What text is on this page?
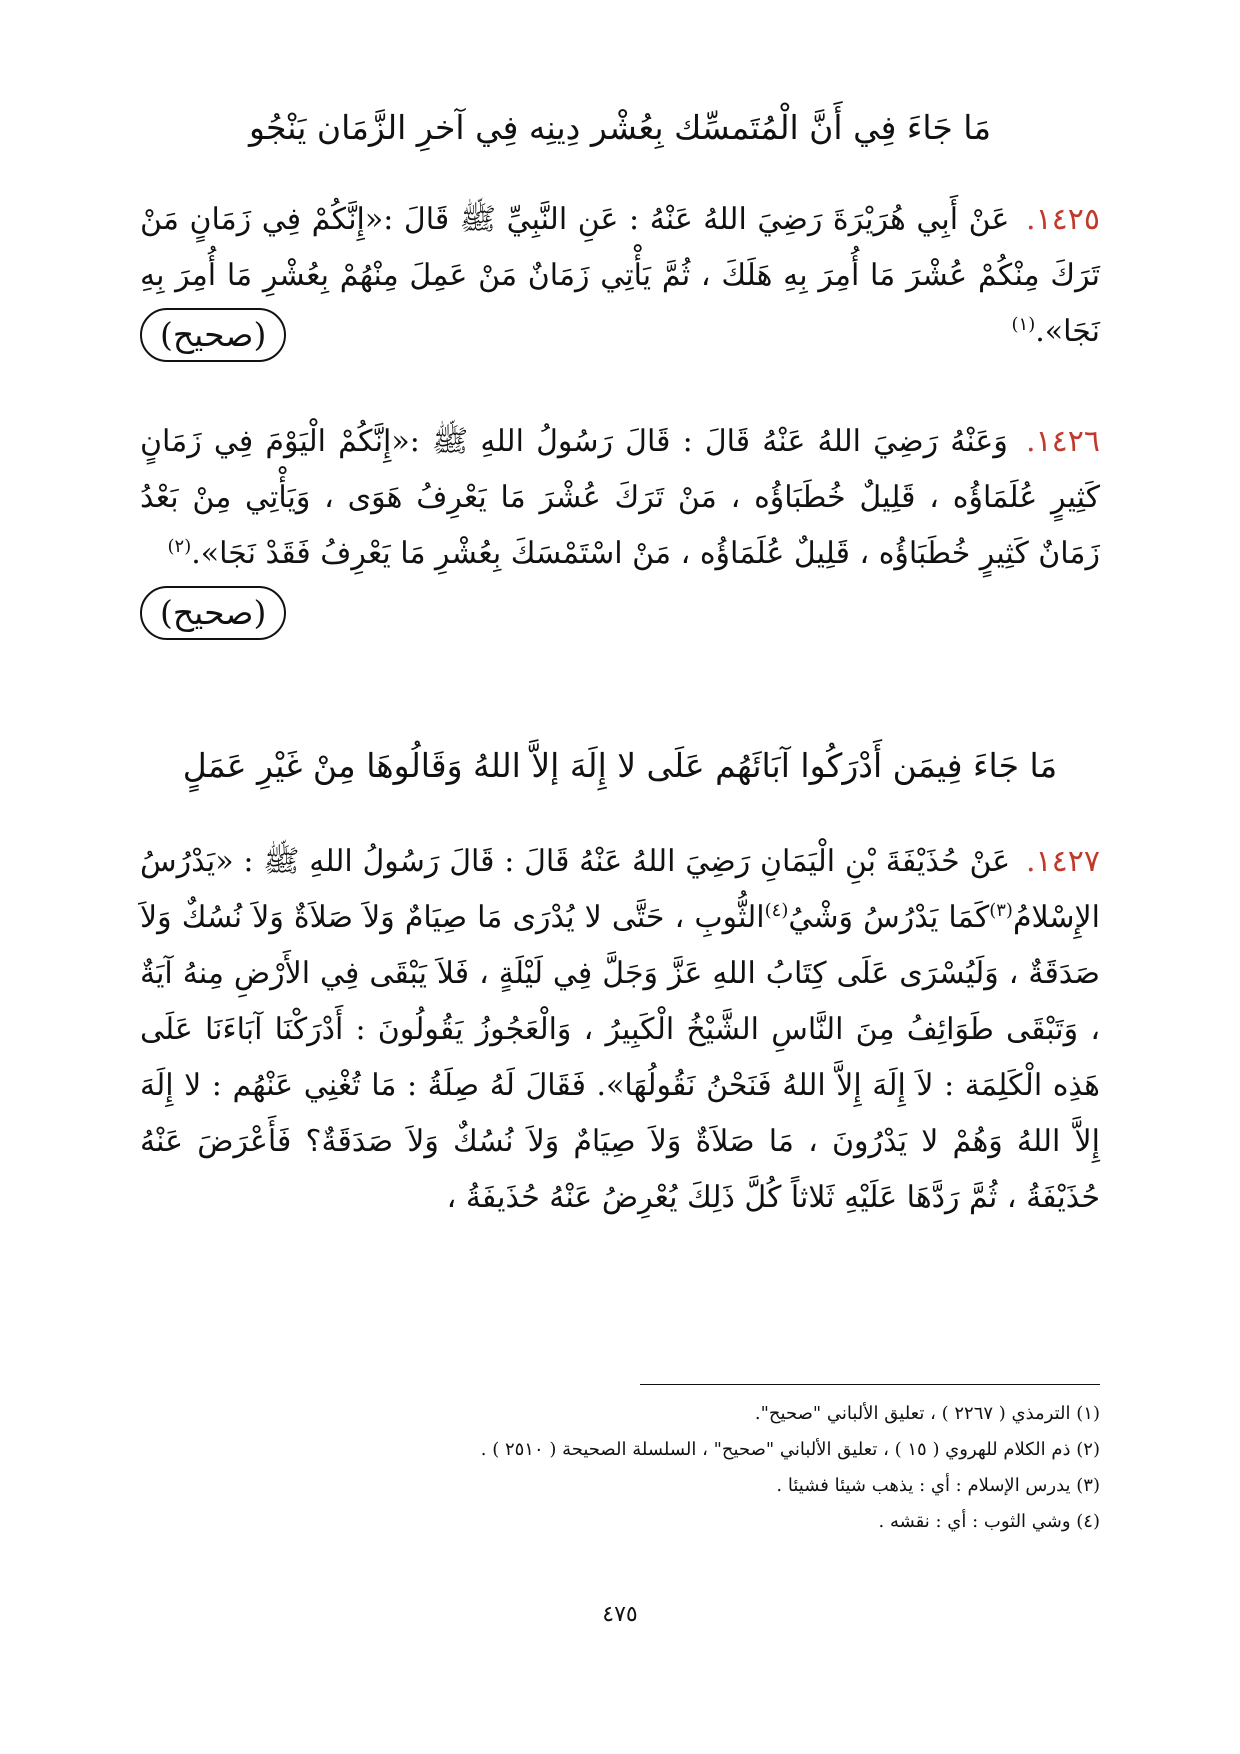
مَا جَاءَ فِي أَنَّ الْمُتَمسِّك بِعُشْر دِينِه فِي آخرِ الزَّمَان يَنْجُو
١٤٢٥. عَنْ أَبِي هُرَيْرَةَ رَضِيَ اللهُ عَنْهُ : عَنِ النَّبِيِّ ﷺ قَالَ :«إِنَّكُمْ فِي زَمَانٍ مَنْ تَرَكَ مِنْكُمْ عُشْرَ مَا أُمِرَ بِهِ هَلَكَ ، ثُمَّ يَأْتِي زَمَانٌ مَنْ عَمِلَ مِنْهُمْ بِعُشْرِ مَا أُمِرَ بِهِ نَجَا».$^{(١)}$
(صحيح)
١٤٢٦. وَعَنْهُ رَضِيَ اللهُ عَنْهُ قَالَ : قَالَ رَسُولُ اللهِ ﷺ :«إِنَّكُمْ الْيَوْمَ فِي زَمَانٍ كَثِيرٍ عُلَمَاؤُه ، قَلِيلٌ خُطَبَاؤُه ، مَنْ تَرَكَ عُشْرَ مَا يَعْرِفُ هَوَى ، وَيَأْتِي مِنْ بَعْدُ زَمَانٌ كَثِيرٍ خُطَبَاؤُه ، قَلِيلٌ عُلَمَاؤُه ، مَنْ اسْتَمْسَكَ بِعُشْرِ مَا يَعْرِفُ فَقَدْ نَجَا».$^{(٢)}$
(صحيح)
مَا جَاءَ فِيمَن أَدْرَكُوا آبَائَهُم عَلَى لا إِلَهَ إلاَّ اللهُ وَقَالُوهَا مِنْ غَيْرِ عَمَلٍ
١٤٢٧. عَنْ حُذَيْفَةَ بْنِ الْيَمَانِ رَضِيَ اللهُ عَنْهُ قَالَ : قَالَ رَسُولُ اللهِ ﷺ : «يَدْرُسُ الإِسْلامُ$^{(٣)}$كَمَا يَدْرُسُ وَشْيُ$^{(٤)}$الثُّوبِ ، حَتَّى لا يُدْرَى مَا صِيَامٌ وَلاَ صَلاَةٌ وَلاَ نُسُكٌ وَلاَ صَدَقَةٌ ، وَلَيُسْرَى عَلَى كِتَابُ اللهِ عَزَّ وَجَلَّ فِي لَيْلَةٍ ، فَلاَ يَبْقَى فِي الأَرْضِ مِنهُ آيَةٌ ، وَتَبْقَى طَوَائِفُ مِنَ النَّاسِ الشَّيْخُ الْكَبِيرُ ، وَالْعَجُوزُ يَقُولُونَ : أَدْرَكْنَا آبَاءَنَا عَلَى هَذِه الْكَلِمَة : لاَ إِلَهَ إِلاَّ اللهُ فَنَحْنُ نَقُولُهَا». فَقَالَ لَهُ صِلَةُ : مَا تُغْنِي عَنْهُم : لا إِلَهَ إِلاَّ اللهُ وَهُمْ لا يَدْرُونَ ، مَا صَلاَةٌ وَلاَ صِيَامٌ وَلاَ نُسُكٌ وَلاَ صَدَقَةٌ؟ فَأَعْرَضَ عَنْهُ حُذَيْفَةُ ، ثُمَّ رَدَّهَا عَلَيْهِ ثَلاثاً كُلَّ ذَلِكَ يُعْرِضُ عَنْهُ حُذَيفَةُ ،
(١) الترمذي ( ٢٢٦٧ ) ، تعليق الألباني "صحيح".
(٢) ذم الكلام للهروي ( ١٥ ) ، تعليق الألباني "صحيح" ، السلسلة الصحيحة ( ٢٥١٠ ) .
(٣) يدرس الإسلام : أي : يذهب شيئا فشيئا .
(٤) وشي الثوب : أي : نقشه .
٤٧٥
